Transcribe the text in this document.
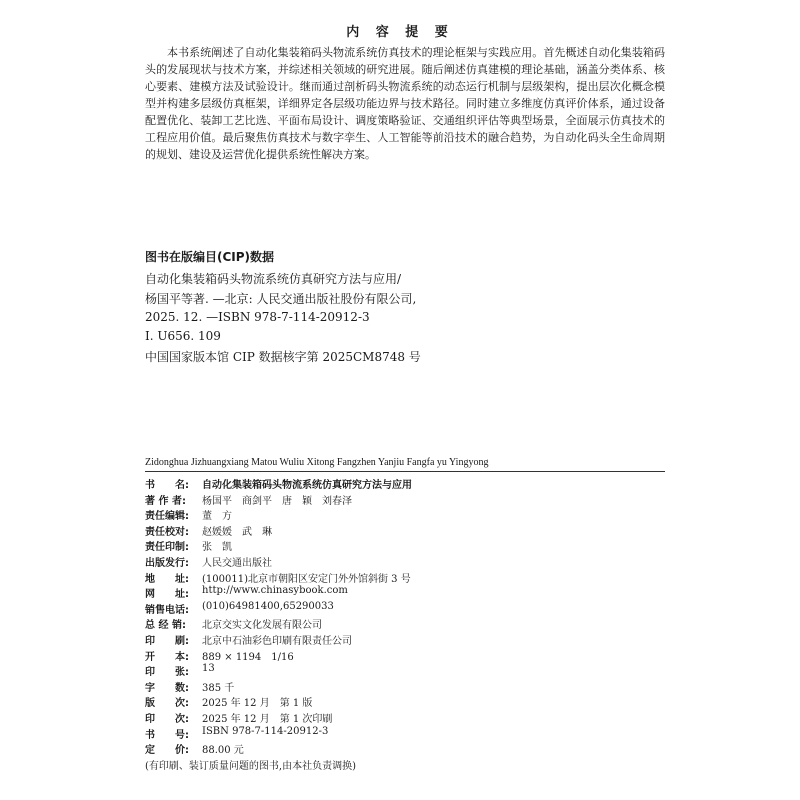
内 容 提 要

本书系统阐述了自动化集装箱码头物流系统仿真技术的理论框架与实践应用。首先概述自动化集装箱码头的发展现状与技术方案，并综述相关领域的研究进展。随后阐述仿真建模的理论基础，涵盖分类体系、核心要素、建模方法及试验设计。继而通过剖析码头物流系统的动态运行机制与层级架构，提出层次化概念模型并构建多层级仿真框架，详细界定各层级功能边界与技术路径。同时建立多维度仿真评价体系，通过设备配置优化、装卸工艺比选、平面布局设计、调度策略验证、交通组织评估等典型场景，全面展示仿真技术的工程应用价值。最后聚焦仿真技术与数字孪生、人工智能等前沿技术的融合趋势，为自动化码头全生命周期的规划、建设及运营优化提供系统性解决方案。

图书在版编目(CIP)数据
自动化集装箱码头物流系统仿真研究方法与应用/
杨国平等著. —北京: 人民交通出版社股份有限公司,
2025. 12. —ISBN 978-7-114-20912-3
Ⅰ. U656. 109
中国国家版本馆 CIP 数据核字第 2025CM8748 号
Zidonghua Jizhuangxiang Matou Wuliu Xitong Fangzhen Yanjiu Fangfa yu Yingyong
书　　名:	自动化集装箱码头物流系统仿真研究方法与应用
著 作 者:	杨国平　商剑平　唐　颖　刘春泽
责任编辑:	董　方
责任校对:	赵媛媛　武　琳
责任印制:	张　凯
出版发行:	人民交通出版社
地　　址:	(100011)北京市朝阳区安定门外外馆斜街 3 号
网　　址:	http://www.chinasybook.com
销售电话:	(010)64981400,65290033
总 经 销:	北京交实文化发展有限公司
印　　刷:	北京中石油彩色印刷有限责任公司
开　　本:	889 × 1194　1/16
印　　张:	13
字　　数:	385 千
版　　次:	2025 年 12 月　第 1 版
印　　次:	2025 年 12 月　第 1 次印刷
书　　号:	ISBN 978-7-114-20912-3
定　　价:	88.00 元
(有印刷、装订质量问题的图书,由本社负责调换)
